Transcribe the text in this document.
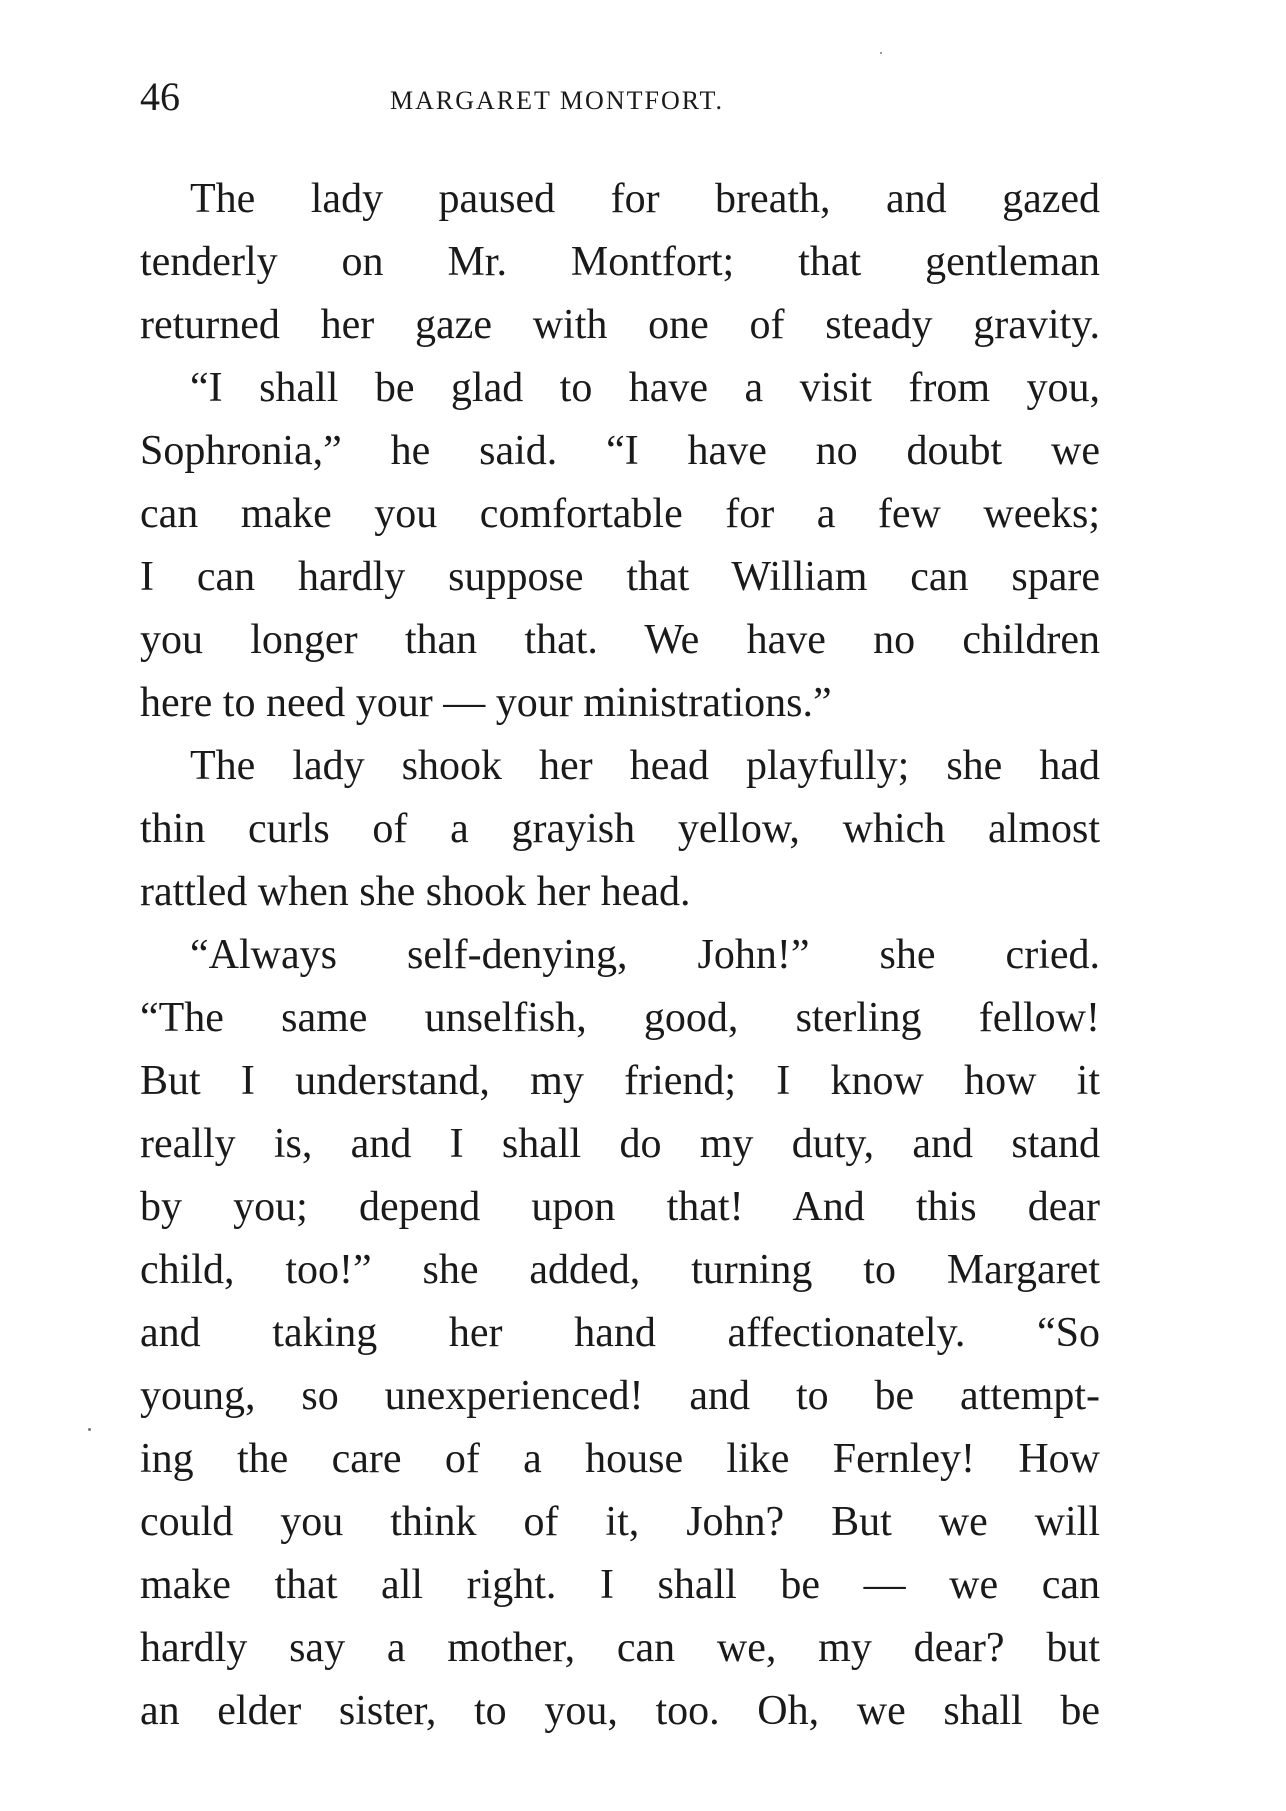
46	MARGARET MONTFORT.
The lady paused for breath, and gazed
tenderly on Mr. Montfort; that gentleman
returned her gaze with one of steady gravity.
“I shall be glad to have a visit from you,
Sophronia,” he said. “I have no doubt we
can make you comfortable for a few weeks;
I can hardly suppose that William can spare
you longer than that. We have no children
here to need your — your ministrations.”
The lady shook her head playfully; she had
thin curls of a grayish yellow, which almost
rattled when she shook her head.
“Always self-denying, John!” she cried.
“The same unselfish, good, sterling fellow!
But I understand, my friend; I know how it
really is, and I shall do my duty, and stand
by you; depend upon that! And this dear
child, too!” she added, turning to Margaret
and taking her hand affectionately. “So
young, so unexperienced! and to be attempt-
ing the care of a house like Fernley! How
could you think of it, John? But we will
make that all right. I shall be — we can
hardly say a mother, can we, my dear? but
an elder sister, to you, too. Oh, we shall be
